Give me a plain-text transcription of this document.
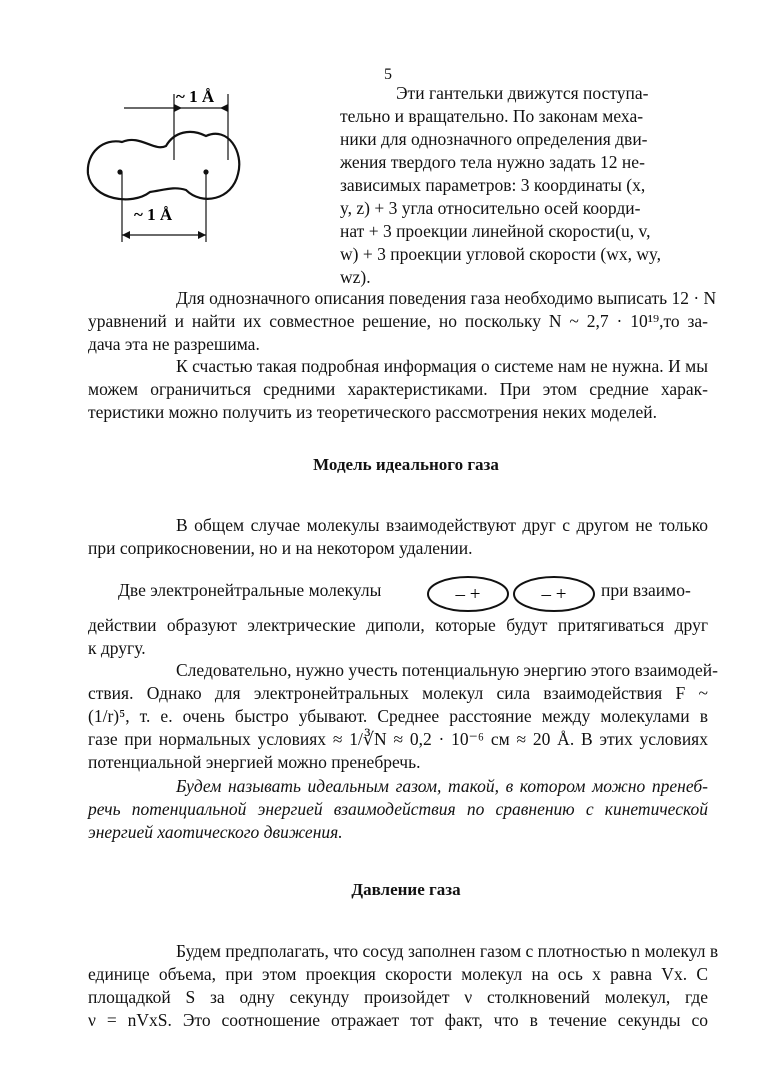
5
~ 1 Å
~ 1 Å

Эти гантельки движутся поступа-

тельно и вращательно. По законам меха-

ники для однозначного определения дви-

жения твердого тела нужно задать 12 не-

зависимых параметров: 3 координаты (x,

y, z) + 3 угла относительно осей коорди-

нат + 3 проекции линейной скорости(u, v,

w) + 3 проекции угловой скорости (wx, wy,

wz).

Для однозначного описания поведения газа необходимо выписать 12 · N
уравнений и найти их совместное решение, но поскольку N ~ 2,7 · 10¹⁹,то за-
дача эта не разрешима.
К счастью такая подробная информация о системе нам не нужна. И мы
можем ограничиться средними характеристиками. При этом средние харак-
теристики можно получить из теоретического рассмотрения неких моделей.
Модель идеального газа
В общем случае молекулы взаимодействуют друг с другом не только
при соприкосновении, но и на некотором удалении.
Две электронейтральные молекулы	– +	– + при взаимо-
действии образуют электрические диполи, которые будут притягиваться друг
к другу.
Следовательно, нужно учесть потенциальную энергию этого взаимодей-
ствия. Однако для электронейтральных молекул сила взаимодействия F ~
(1/r)⁵, т. е. очень быстро убывают. Среднее расстояние между молекулами в
газе при нормальных условиях ≈ 1/∛N ≈ 0,2 · 10⁻⁶ см ≈ 20 Å. В этих условиях
потенциальной энергией можно пренебречь.
Будем называть идеальным газом, такой, в котором можно пренеб-
речь потенциальной энергией взаимодействия по сравнению с кинетической
энергией хаотического движения.
Давление газа
Будем предполагать, что сосуд заполнен газом с плотностью n молекул в
единице объема, при этом проекция скорости молекул на ось x равна Vx. С
площадкой S за одну секунду произойдет ν столкновений молекул, где
ν = nVxS. Это соотношение отражает тот факт, что в течение секунды со
